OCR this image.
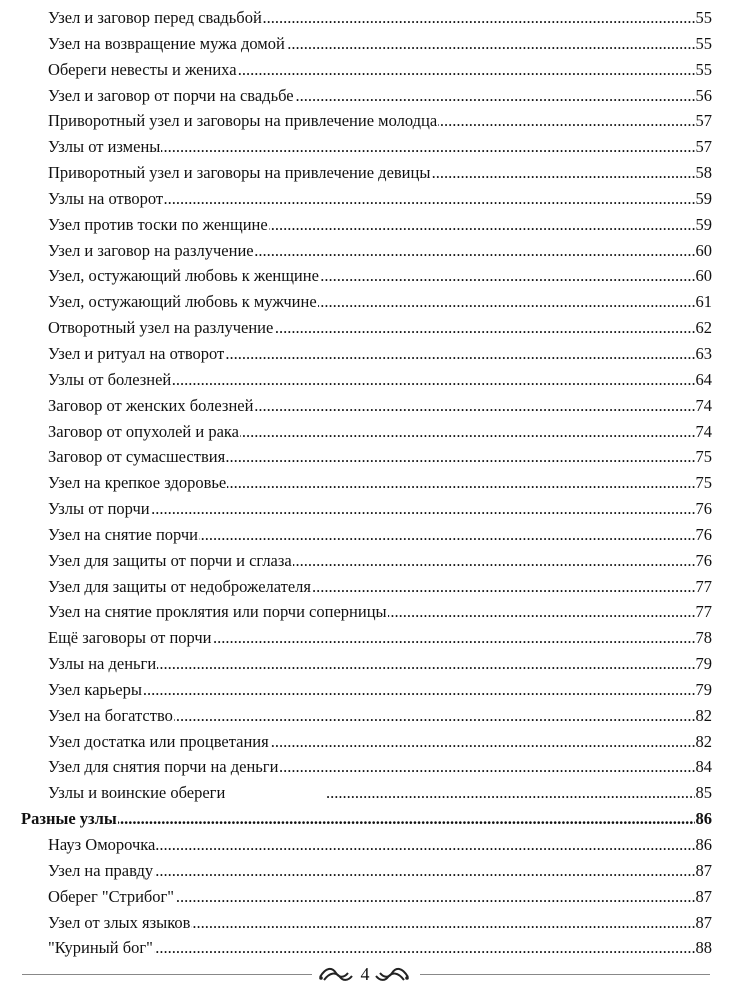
.....
Узел и заговор перед свадьбой	55
.....
Узел на возвращение мужа домой	55
.....
Обереги невесты и жениха	55
.....
Узел и заговор от порчи на свадьбе	56
.....
Приворотный узел и заговоры на привлечение молодца	57
.....
Узлы от измены	57
.....
Приворотный узел и заговоры на привлечение девицы	58
.....
Узлы на отворот	59
.....
Узел против тоски по женщине	59
.....
Узел и заговор на разлучение	60
.....
Узел, остужающий любовь к женщине	60
.....
Узел, остужающий любовь к мужчине	61
.....
Отворотный узел на разлучение	62
.....
Узел и ритуал на отворот	63
.....
Узлы от болезней	64
.....
Заговор от женских болезней	74
.....
Заговор от опухолей и рака	74
.....
Заговор от сумасшествия	75
.....
Узел на крепкое здоровье	75
.....
Узлы от порчи	76
.....
Узел на снятие порчи	76
.....
Узел для защиты от порчи и сглаза	76
.....
Узел для защиты от недоброжелателя	77
.....
Узел на снятие проклятия или порчи соперницы	77
.....
Ещё заговоры от порчи	78
.....
Узлы на деньги	79
.....
Узел карьеры	79
.....
Узел на богатство	82
.....
Узел достатка или процветания	82
.....
Узел для снятия порчи на деньги	84
.....
Узлы и воинские обереги	85
.....
Разные узлы	86
.....
Науз Оморочка	86
.....
Узел на правду	87
.....
Оберег "Стрибог"	87
.....
Узел от злых языков	87
.....
"Куриный бог"	88
4
